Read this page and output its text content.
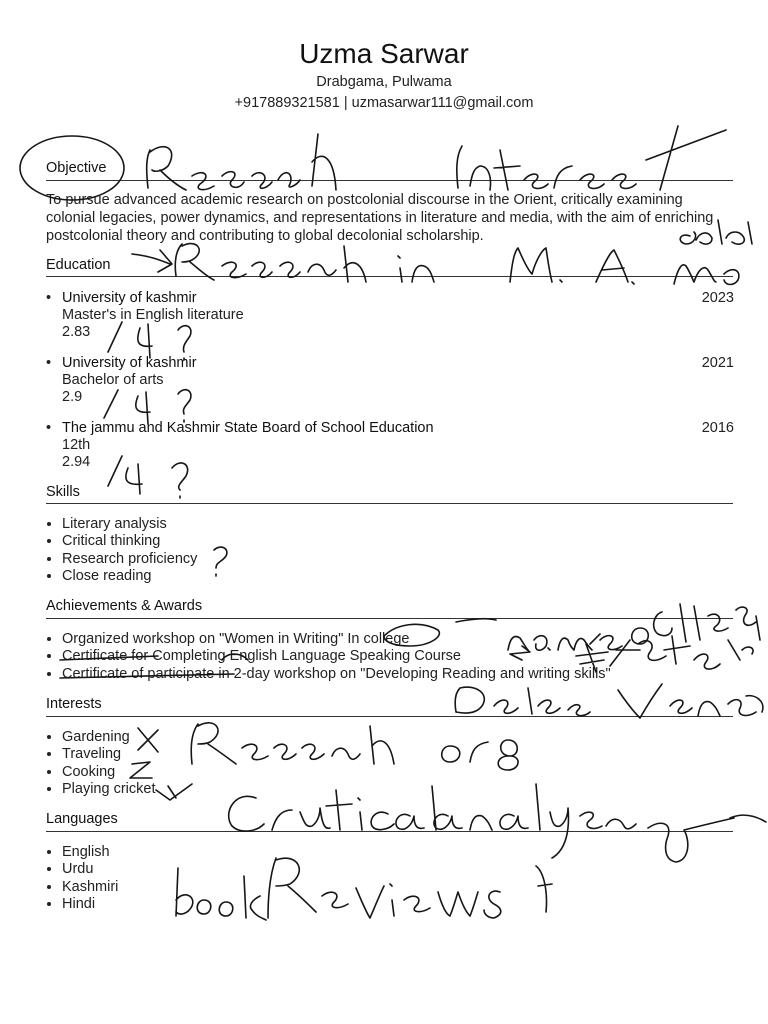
Uzma Sarwar
Drabgama, Pulwama
+917889321581 | uzmasarwar111@gmail.com
Objective
To pursue advanced academic research on postcolonial discourse in the Orient, critically examining colonial legacies, power dynamics, and representations in literature and media, with the aim of enriching postcolonial theory and contributing to global decolonial scholarship.
Education
• University of kashmir	2023
Master's in English literature
2.83
• University of kashmir	2021
Bachelor of arts
2.9
• The jammu and Kashmir State Board of School Education	2016
12th
2.94
Skills
• Literary analysis
• Critical thinking
• Research proficiency
• Close reading
Achievements & Awards
• Organized workshop on "Women in Writing" In college
• Certificate for Completing English Language Speaking Course
• Certificate of participate in 2-day workshop on "Developing Reading and writing skills"
Interests
• Gardening
• Traveling
• Cooking
• Playing cricket
Languages
• English
• Urdu
• Kashmiri
• Hindi
